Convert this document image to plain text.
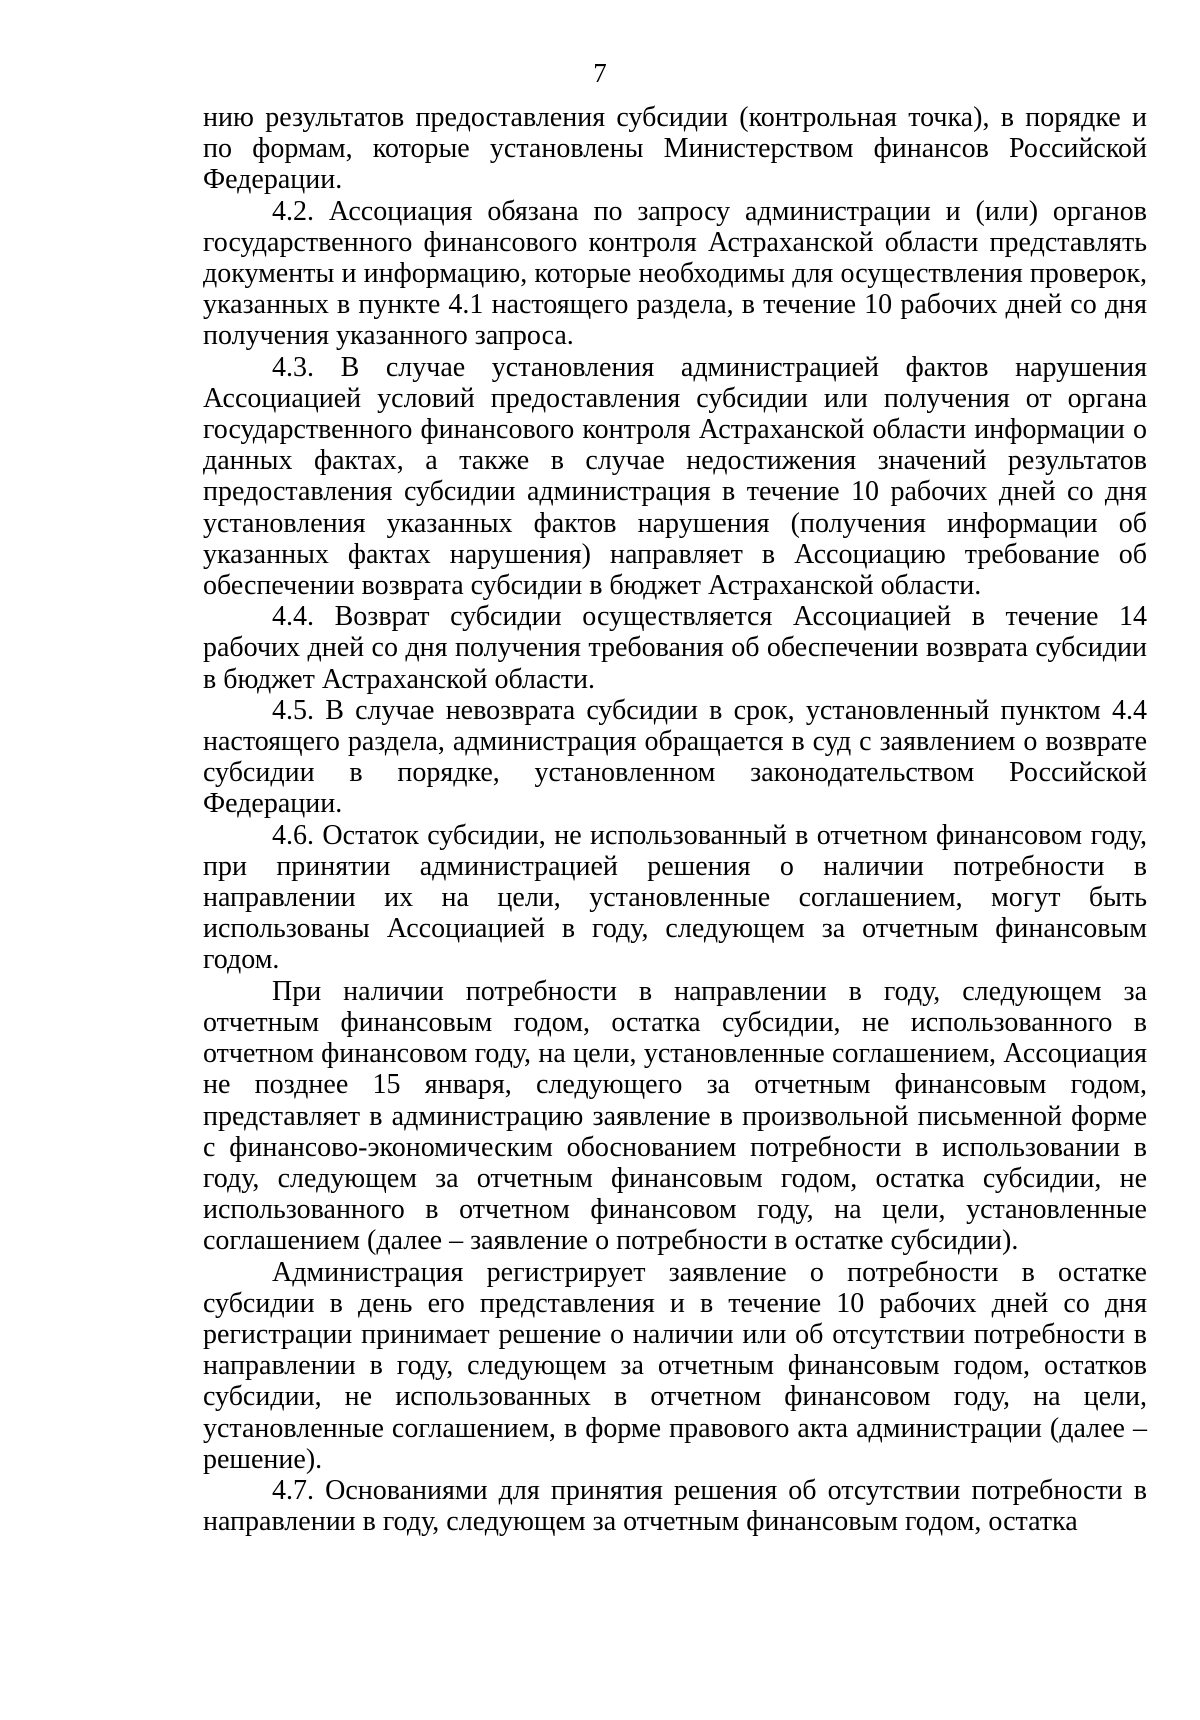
7

нию результатов предоставления субсидии (контрольная точка), в порядке и по формам, которые установлены Министерством финансов Российской Федерации.

4.2. Ассоциация обязана по запросу администрации и (или) органов государственного финансового контроля Астраханской области представлять документы и информацию, которые необходимы для осуществления проверок, указанных в пункте 4.1 настоящего раздела, в течение 10 рабочих дней со дня получения указанного запроса.

4.3. В случае установления администрацией фактов нарушения Ассоциацией условий предоставления субсидии или получения от органа государственного финансового контроля Астраханской области информации о данных фактах, а также в случае недостижения значений результатов предоставления субсидии администрация в течение 10 рабочих дней со дня установления указанных фактов нарушения (получения информации об указанных фактах нарушения) направляет в Ассоциацию требование об обеспечении возврата субсидии в бюджет Астраханской области.

4.4. Возврат субсидии осуществляется Ассоциацией в течение 14 рабочих дней со дня получения требования об обеспечении возврата субсидии в бюджет Астраханской области.

4.5. В случае невозврата субсидии в срок, установленный пунктом 4.4 настоящего раздела, администрация обращается в суд с заявлением о возврате субсидии в порядке, установленном законодательством Российской Федерации.

4.6. Остаток субсидии, не использованный в отчетном финансовом году, при принятии администрацией решения о наличии потребности в направлении их на цели, установленные соглашением, могут быть использованы Ассоциацией в году, следующем за отчетным финансовым годом.

При наличии потребности в направлении в году, следующем за отчетным финансовым годом, остатка субсидии, не использованного в отчетном финансовом году, на цели, установленные соглашением, Ассоциация не позднее 15 января, следующего за отчетным финансовым годом, представляет в администрацию заявление в произвольной письменной форме с финансово-экономическим обоснованием потребности в использовании в году, следующем за отчетным финансовым годом, остатка субсидии, не использованного в отчетном финансовом году, на цели, установленные соглашением (далее – заявление о потребности в остатке субсидии).

Администрация регистрирует заявление о потребности в остатке субсидии в день его представления и в течение 10 рабочих дней со дня регистрации принимает решение о наличии или об отсутствии потребности в направлении в году, следующем за отчетным финансовым годом, остатков субсидии, не использованных в отчетном финансовом году, на цели, установленные соглашением, в форме правового акта администрации (далее – решение).

4.7. Основаниями для принятия решения об отсутствии потребности в направлении в году, следующем за отчетным финансовым годом, остатка
